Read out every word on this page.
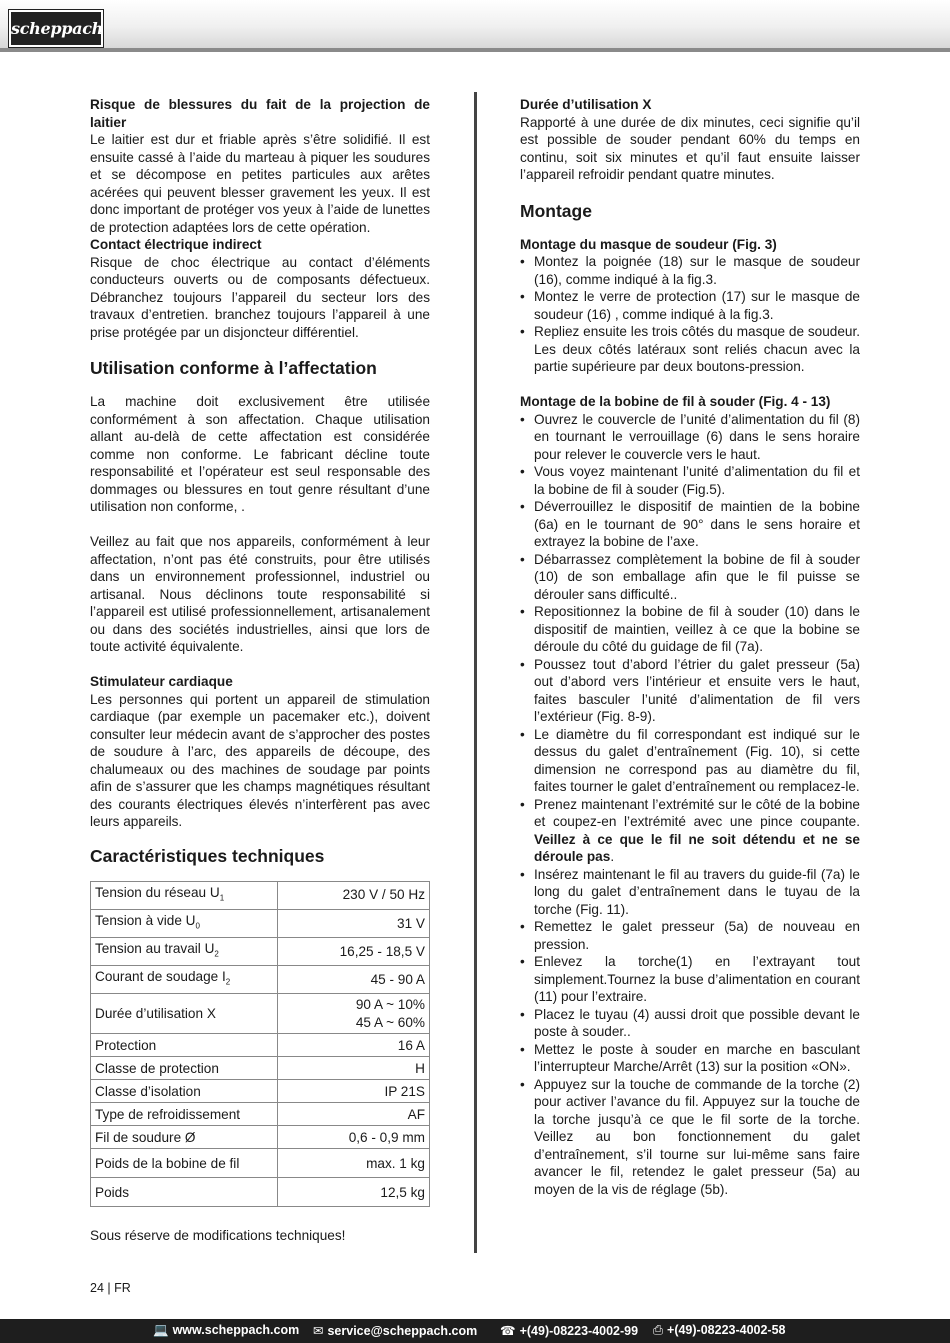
scheppach

Risque de blessures du fait de la projection de laitier

Le laitier est dur et friable après s’être solidifié. Il est ensuite cassé à l’aide du marteau à piquer les soudures et se décompose en petites particules aux arêtes acérées qui peuvent blesser gravement les yeux. Il est donc important de protéger vos yeux à l’aide de lunettes de protection adaptées lors de cette opération.

Contact électrique indirect

Risque de choc électrique au contact d’éléments conducteurs ouverts ou de composants défectueux. Débranchez toujours l’appareil du secteur lors des travaux d’entretien. branchez toujours l’appareil à une prise protégée par un disjoncteur différentiel.

Utilisation conforme à l’affectation

La machine doit exclusivement être utilisée conformément à son affectation. Chaque utilisation allant au-delà de cette affectation est considérée comme non conforme. Le fabricant décline toute responsabilité et l’opérateur est seul responsable des dommages ou blessures en tout genre résultant d’une utilisation non conforme, .

Veillez au fait que nos appareils, conformément à leur affectation, n’ont pas été construits, pour être utilisés dans un environnement professionnel, industriel ou artisanal. Nous déclinons toute responsabilité si l’appareil est utilisé professionnellement, artisanalement ou dans des sociétés industrielles, ainsi que lors de toute activité équivalente.

Stimulateur cardiaque

Les personnes qui portent un appareil de stimulation cardiaque (par exemple un pacemaker etc.), doivent consulter leur médecin avant de s’approcher des postes de soudure à l’arc, des appareils de découpe, des chalumeaux ou des machines de soudage par points afin de s’assurer que les champs magnétiques résultant des courants électriques élevés n’interfèrent pas avec leurs appareils.

Caractéristiques techniques
Tension du réseau $U_1$	230 V / 50 Hz

Tension à vide $U_0$	31 V

Tension au travail $U_2$	16,25 - 18,5 V

Courant de soudage $I_2$	45 - 90 A

Durée d’utilisation X	90 A ~ 10%
45 A ~ 60%

Protection	16 A

Classe de protection	H

Classe d’isolation	IP 21S

Type de refroidissement	AF

Fil de soudure Ø	0,6 - 0,9 mm

Poids de la bobine de fil	max. 1 kg

Poids	12,5 kg

Sous réserve de modifications techniques!

Durée d’utilisation X

Rapporté à une durée de dix minutes, ceci signifie qu’il est possible de souder pendant 60% du temps en continu, soit six minutes et qu’il faut ensuite laisser l’appareil refroidir pendant quatre minutes.

Montage

Montage du masque de soudeur (Fig. 3)

• Montez la poignée (18) sur le masque de soudeur (16), comme indiqué à la fig.3.
• Montez le verre de protection (17) sur le masque de soudeur (16) , comme indiqué à la fig.3.
• Repliez ensuite les trois côtés du masque de soudeur. Les deux côtés latéraux sont reliés chacun avec la partie supérieure par deux boutons-pression.

Montage de la bobine de fil à souder (Fig. 4 - 13)

• Ouvrez le couvercle de l’unité d’alimentation du fil (8) en tournant le verrouillage (6) dans le sens horaire pour relever le couvercle vers le haut.
• Vous voyez maintenant l’unité d’alimentation du fil et la bobine de fil à souder (Fig.5).
• Déverrouillez le dispositif de maintien de la bobine (6a) en le tournant de 90° dans le sens horaire et extrayez la bobine de l’axe.
• Débarrassez complètement la bobine de fil à souder (10) de son emballage afin que le fil puisse se dérouler sans difficulté..
• Repositionnez la bobine de fil à souder (10) dans le dispositif de maintien, veillez à ce que la bobine se déroule du côté du guidage de fil (7a).
• Poussez tout d’abord l’étrier du galet presseur (5a) out d’abord vers l’intérieur et ensuite vers le haut, faites basculer l’unité d’alimentation de fil vers l’extérieur (Fig. 8-9).
• Le diamètre du fil correspondant est indiqué sur le dessus du galet d’entraînement (Fig. 10), si cette dimension ne correspond pas au diamètre du fil, faites tourner le galet d’entraînement ou remplacez-le.
• Prenez maintenant l’extrémité sur le côté de la bobine et coupez-en l’extrémité avec une pince coupante. Veillez à ce que le fil ne soit détendu et ne se déroule pas.
• Insérez maintenant le fil au travers du guide-fil (7a) le long du galet d’entraînement dans le tuyau de la torche (Fig. 11).
• Remettez le galet presseur (5a) de nouveau en pression.
• Enlevez la torche(1) en l’extrayant tout simplement.Tournez la buse d’alimentation en courant (11) pour l’extraire.
• Placez le tuyau (4) aussi droit que possible devant le poste à souder..
• Mettez le poste à souder en marche en basculant l’interrupteur Marche/Arrêt (13) sur la position «ON».
• Appuyez sur la touche de commande de la torche (2) pour activer l’avance du fil. Appuyez sur la touche de la torche jusqu’à ce que le fil sorte de la torche. Veillez au bon fonctionnement du galet d’entraînement, s’il tourne sur lui-même sans faire avancer le fil, retendez le galet presseur (5a) au moyen de la vis de réglage (5b).
24 | FR
💻 www.scheppach.com ✉ service@scheppach.com ☎ +(49)-08223-4002-99 ⎙ +(49)-08223-4002-58
